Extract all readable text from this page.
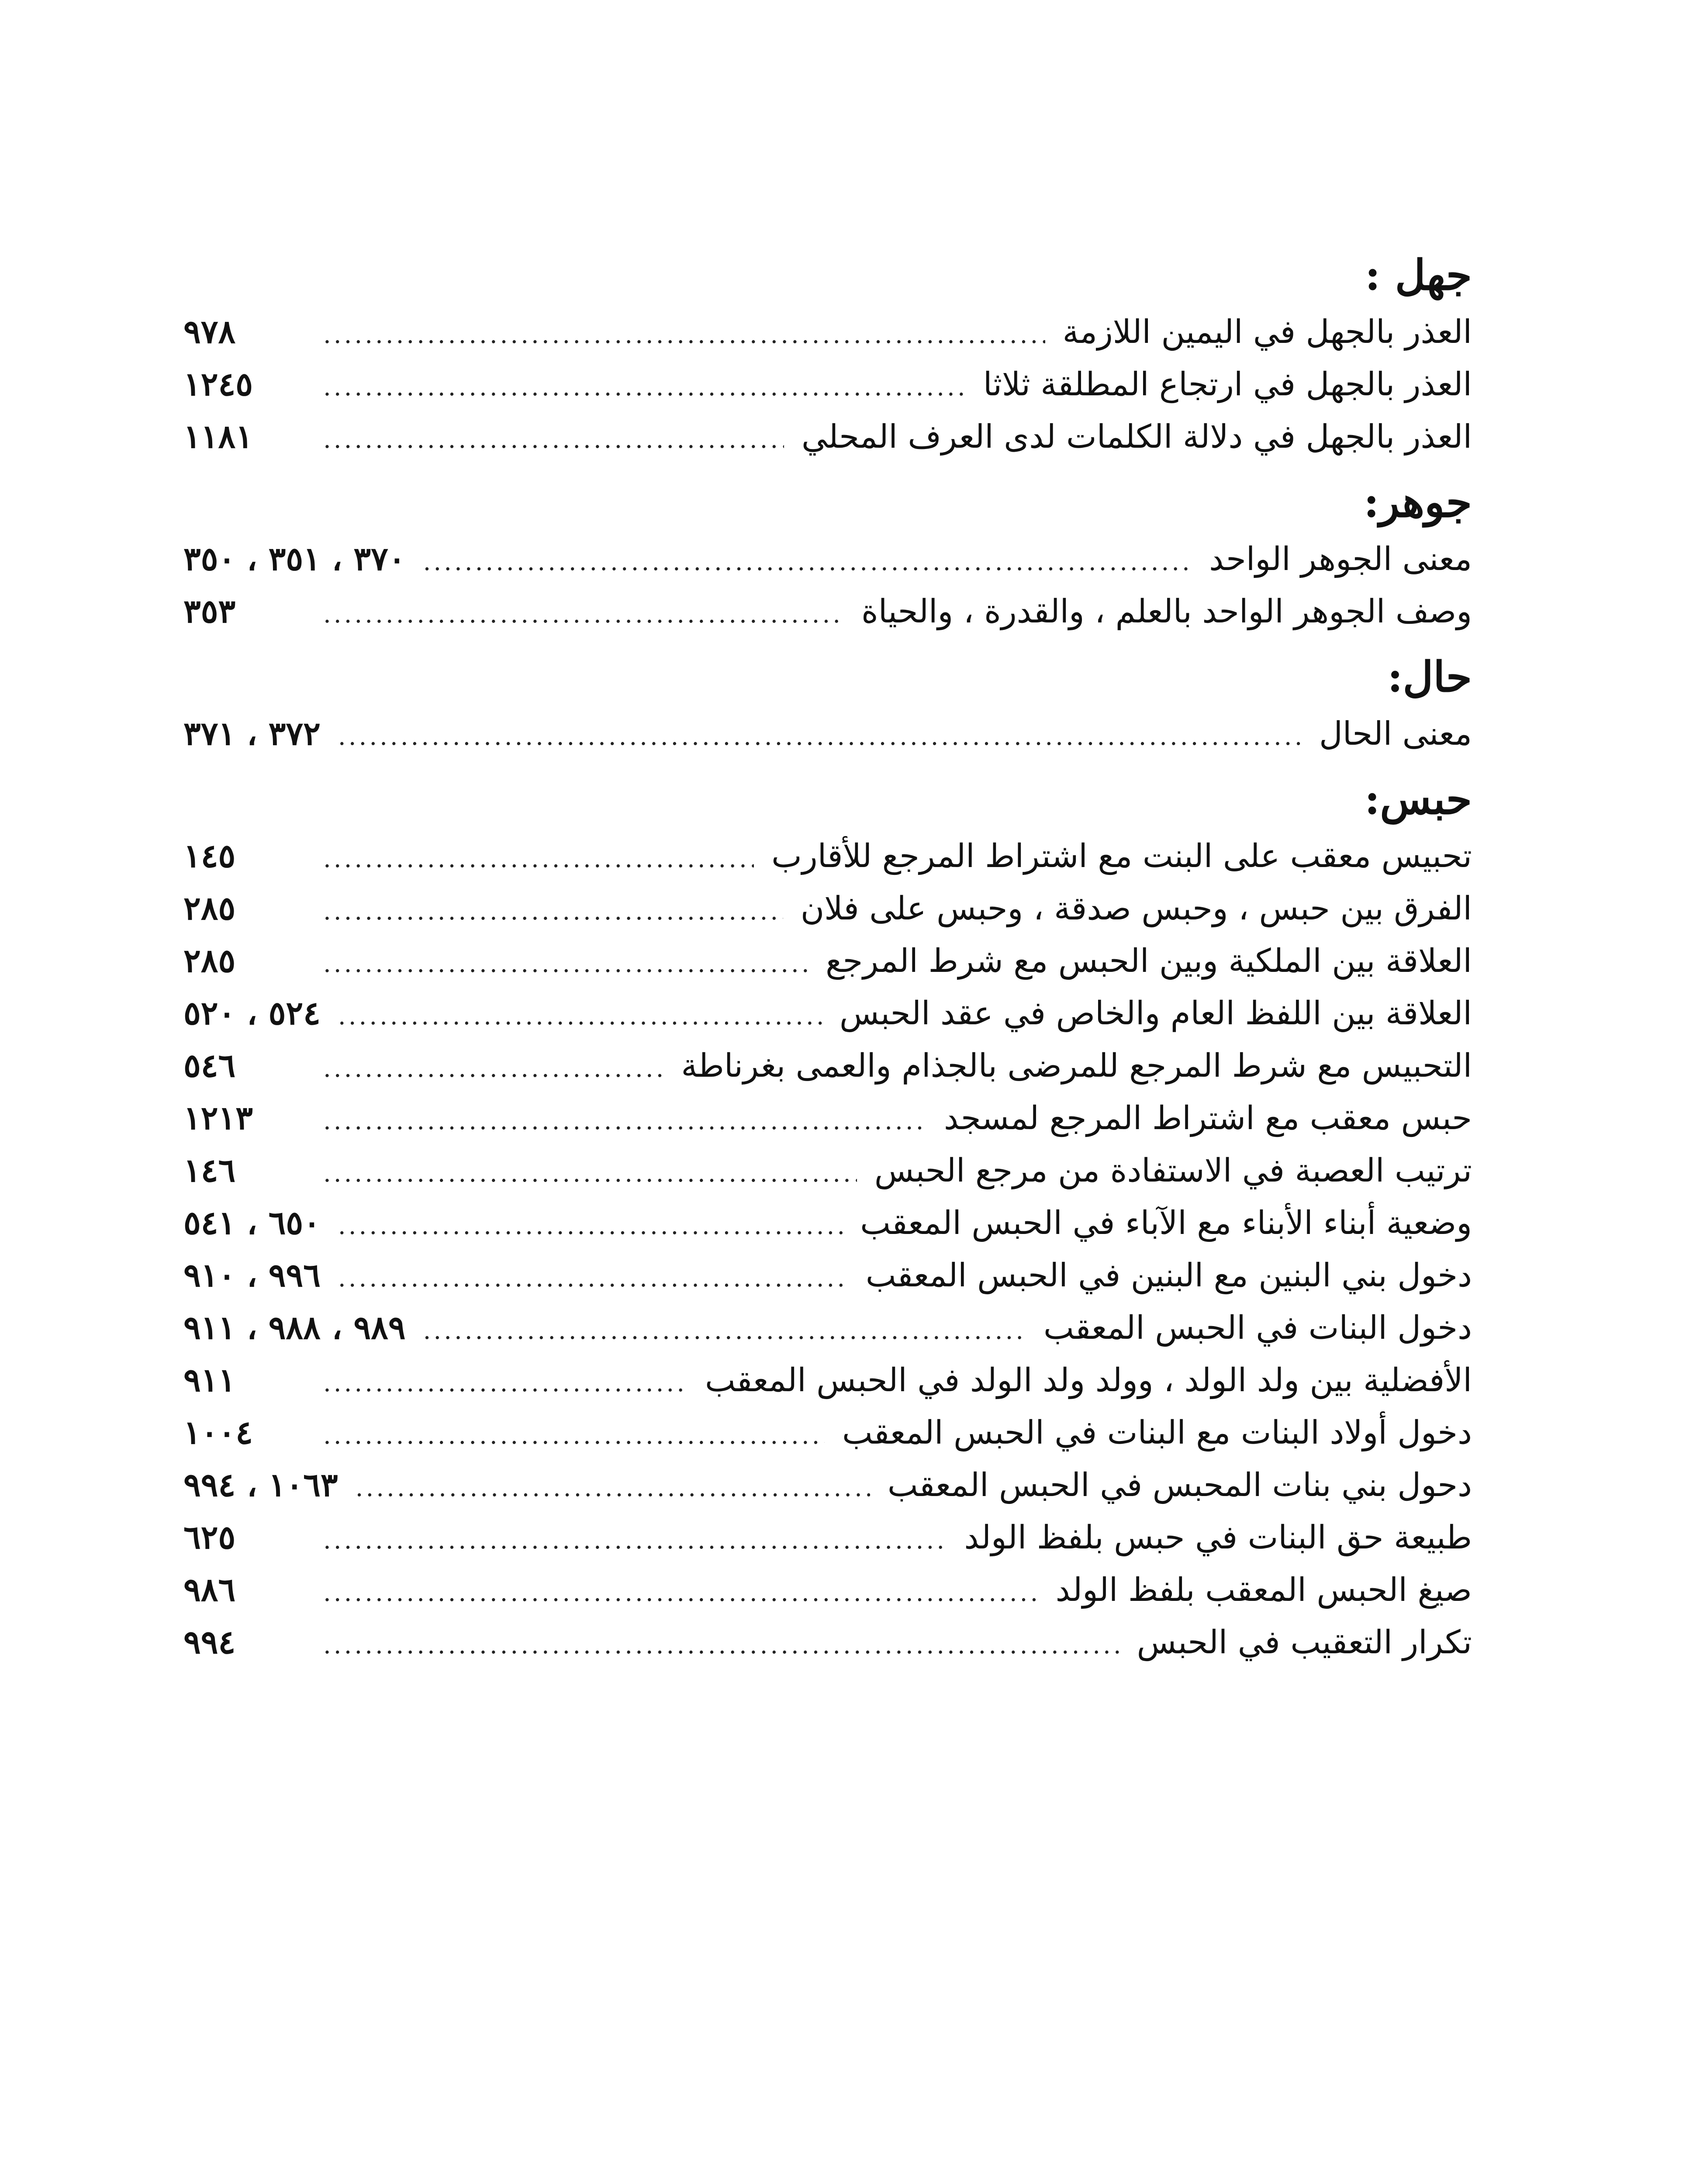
جهل :
العذر بالجهل في اليمين اللازمة
.....
٩٧٨
العذر بالجهل في ارتجاع المطلقة ثلاثا
.....
١٢٤٥
العذر بالجهل في دلالة الكلمات لدى العرف المحلي
.....
١١٨١
جوهر:
معنى الجوهر الواحد
.....
٣٧٠ ، ٣٥١ ، ٣٥٠
وصف الجوهر الواحد بالعلم ، والقدرة ، والحياة
.....
٣٥٣
حال:
معنى الحال
.....
٣٧٢ ، ٣٧١
حبس:
تحبيس معقب على البنت مع اشتراط المرجع للأقارب
.....
١٤٥
الفرق بين حبس ، وحبس صدقة ، وحبس على فلان
.....
٢٨٥
العلاقة بين الملكية وبين الحبس مع شرط المرجع
.....
٢٨٥
العلاقة بين اللفظ العام والخاص في عقد الحبس
.....
٥٢٤ ، ٥٢٠
التحبيس مع شرط المرجع للمرضى بالجذام والعمى بغرناطة
.....
٥٤٦
حبس معقب مع اشتراط المرجع لمسجد
.....
١٢١٣
ترتيب العصبة في الاستفادة من مرجع الحبس
.....
١٤٦
وضعية أبناء الأبناء مع الآباء في الحبس المعقب
.....
٦٥٠ ، ٥٤١
دخول بني البنين مع البنين في الحبس المعقب
.....
٩٩٦ ، ٩١٠
دخول البنات في الحبس المعقب
.....
٩٨٩ ، ٩٨٨ ، ٩١١
الأفضلية بين ولد الولد ، وولد ولد الولد في الحبس المعقب
.....
٩١١
دخول أولاد البنات مع البنات في الحبس المعقب
.....
١٠٠٤
دحول بني بنات المحبس في الحبس المعقب
.....
١٠٦٣ ، ٩٩٤
طبيعة حق البنات في حبس بلفظ الولد
.....
٦٢٥
صيغ الحبس المعقب بلفظ الولد
.....
٩٨٦
تكرار التعقيب في الحبس
.....
٩٩٤
